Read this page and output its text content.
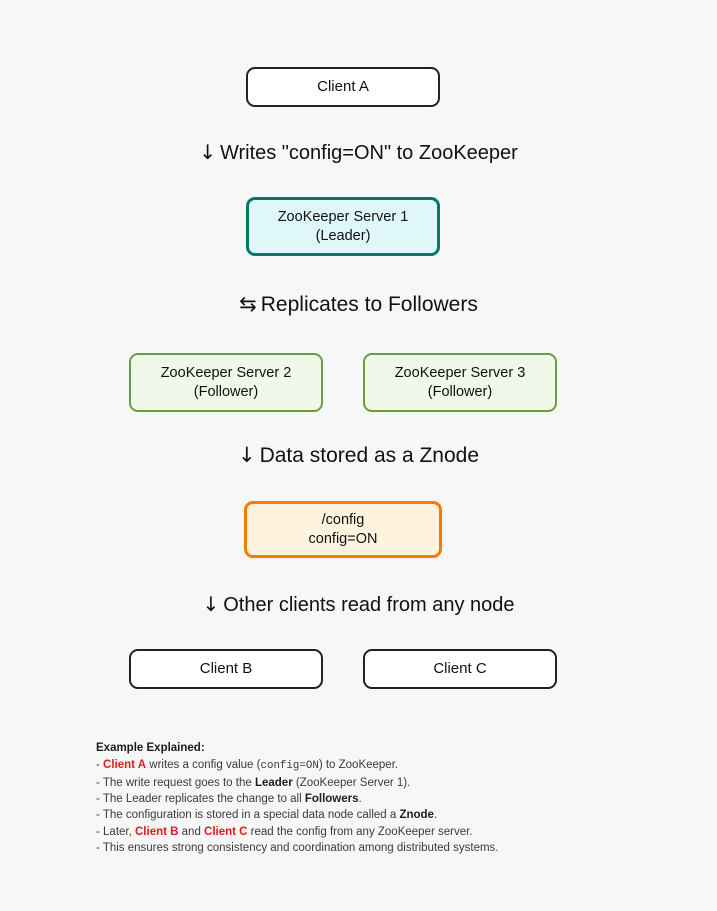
Client A
↓ Writes "config=ON" to ZooKeeper
ZooKeeper Server 1
(Leader)
⇆ Replicates to Followers
ZooKeeper Server 2
(Follower)
ZooKeeper Server 3
(Follower)
↓ Data stored as a Znode
/config
config=ON
↓ Other clients read from any node
Client B	Client C
Example Explained:
- Client A writes a config value (config=ON) to ZooKeeper.
- The write request goes to the Leader (ZooKeeper Server 1).
- The Leader replicates the change to all Followers.
- The configuration is stored in a special data node called a Znode.
- Later, Client B and Client C read the config from any ZooKeeper server.
- This ensures strong consistency and coordination among distributed systems.
